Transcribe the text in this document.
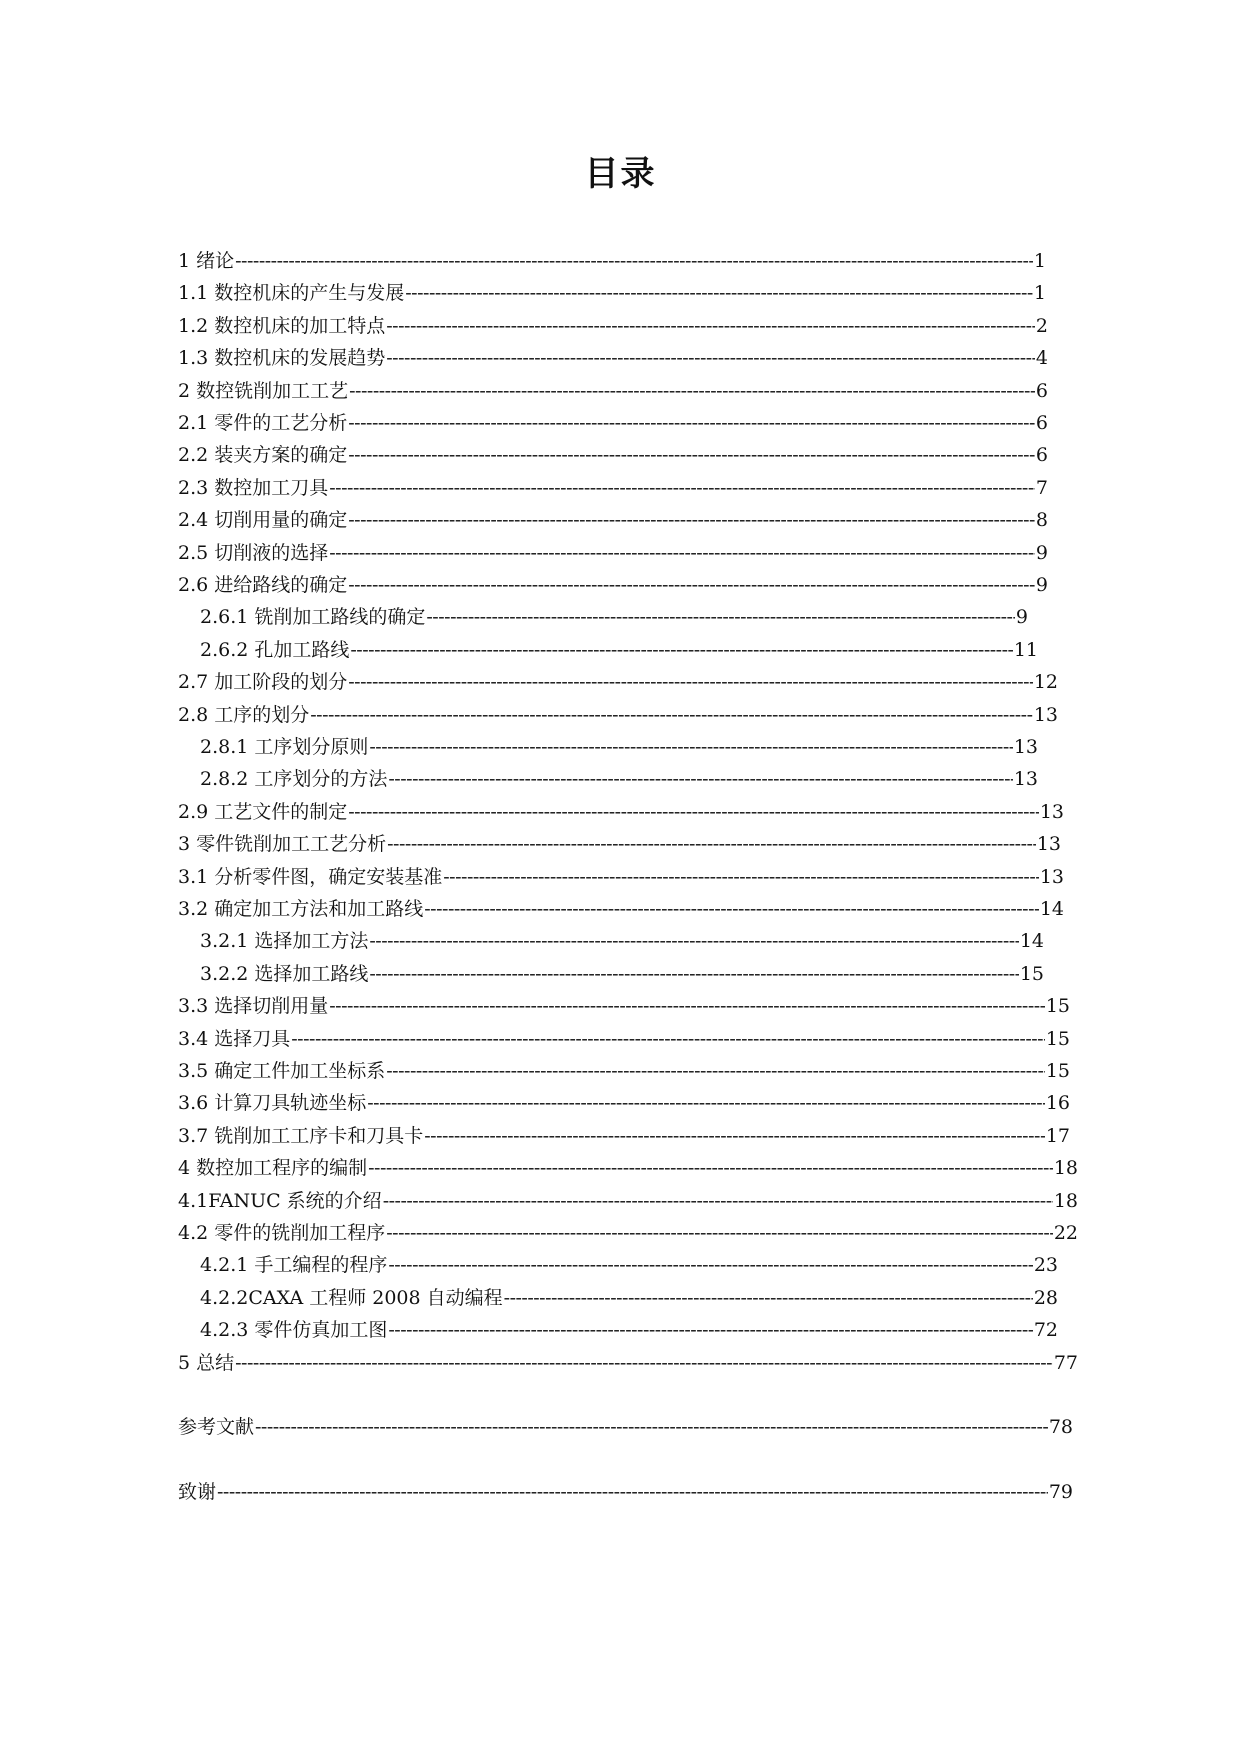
目录
1 绪论 -----	1
1.1 数控机床的产生与发展 -----	1
1.2 数控机床的加工特点 -----	2
1.3 数控机床的发展趋势 -----	4
2 数控铣削加工工艺 -----	6
2.1 零件的工艺分析 -----	6
2.2 装夹方案的确定 -----	6
2.3 数控加工刀具 -----	7
2.4 切削用量的确定 -----	8
2.5 切削液的选择 -----	9
2.6 进给路线的确定 -----	9
2.6.1 铣削加工路线的确定 -----	9
2.6.2 孔加工路线 -----	11
2.7 加工阶段的划分 -----	12
2.8 工序的划分 -----	13
2.8.1 工序划分原则 -----	13
2.8.2 工序划分的方法 -----	13
2.9 工艺文件的制定 -----	13
3 零件铣削加工工艺分析 -----	13
3.1 分析零件图，确定安装基准 -----	13
3.2 确定加工方法和加工路线 -----	14
3.2.1 选择加工方法 -----	14
3.2.2 选择加工路线 -----	15
3.3 选择切削用量 -----	15
3.4 选择刀具 -----	15
3.5 确定工件加工坐标系 -----	15
3.6 计算刀具轨迹坐标 -----	16
3.7 铣削加工工序卡和刀具卡 -----	17
4 数控加工程序的编制 -----	18
4.1FANUC 系统的介绍 -----	18
4.2 零件的铣削加工程序 -----	22
4.2.1 手工编程的程序 -----	23
4.2.2CAXA 工程师 2008 自动编程 -----	28
4.2.3 零件仿真加工图 -----	72
5 总结 -----	77
参考文献 -----	78
致谢 -----	79
